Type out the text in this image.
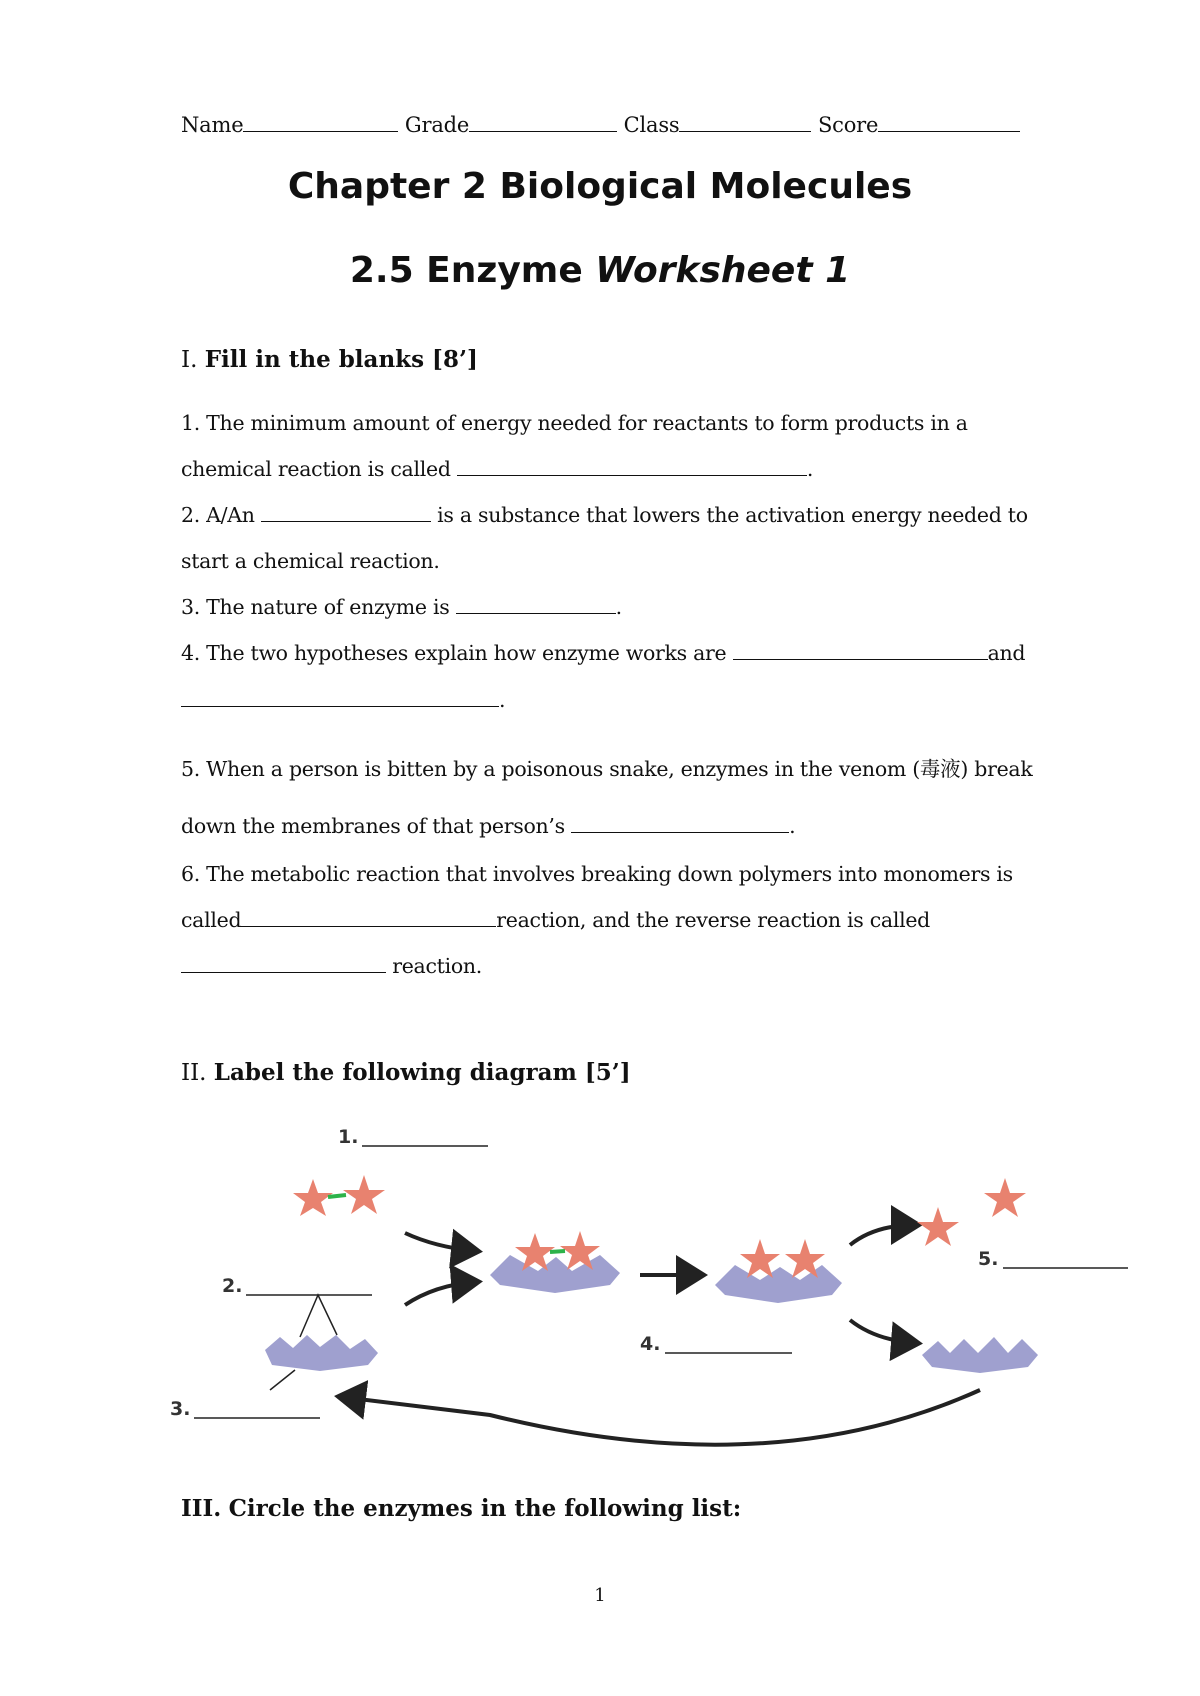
Name	Grade	Class	Score
Chapter 2 Biological Molecules
2.5 Enzyme Worksheet 1
I. Fill in the blanks [8’]
1. The minimum amount of energy needed for reactants to form products in a
chemical reaction is called	.
2. A/An	is a substance that lowers the activation energy needed to
start a chemical reaction.
3. The nature of enzyme is	.
4. The two hypotheses explain how enzyme works are	and
.
5. When a person is bitten by a poisonous snake, enzymes in the venom (毒液) break
down the membranes of that person’s	.
6. The metabolic reaction that involves breaking down polymers into monomers is
called	reaction, and the reverse reaction is called
reaction.
II. Label the following diagram [5’]
1.
5.
4.
2.
3.
III. Circle the enzymes in the following list:
1
